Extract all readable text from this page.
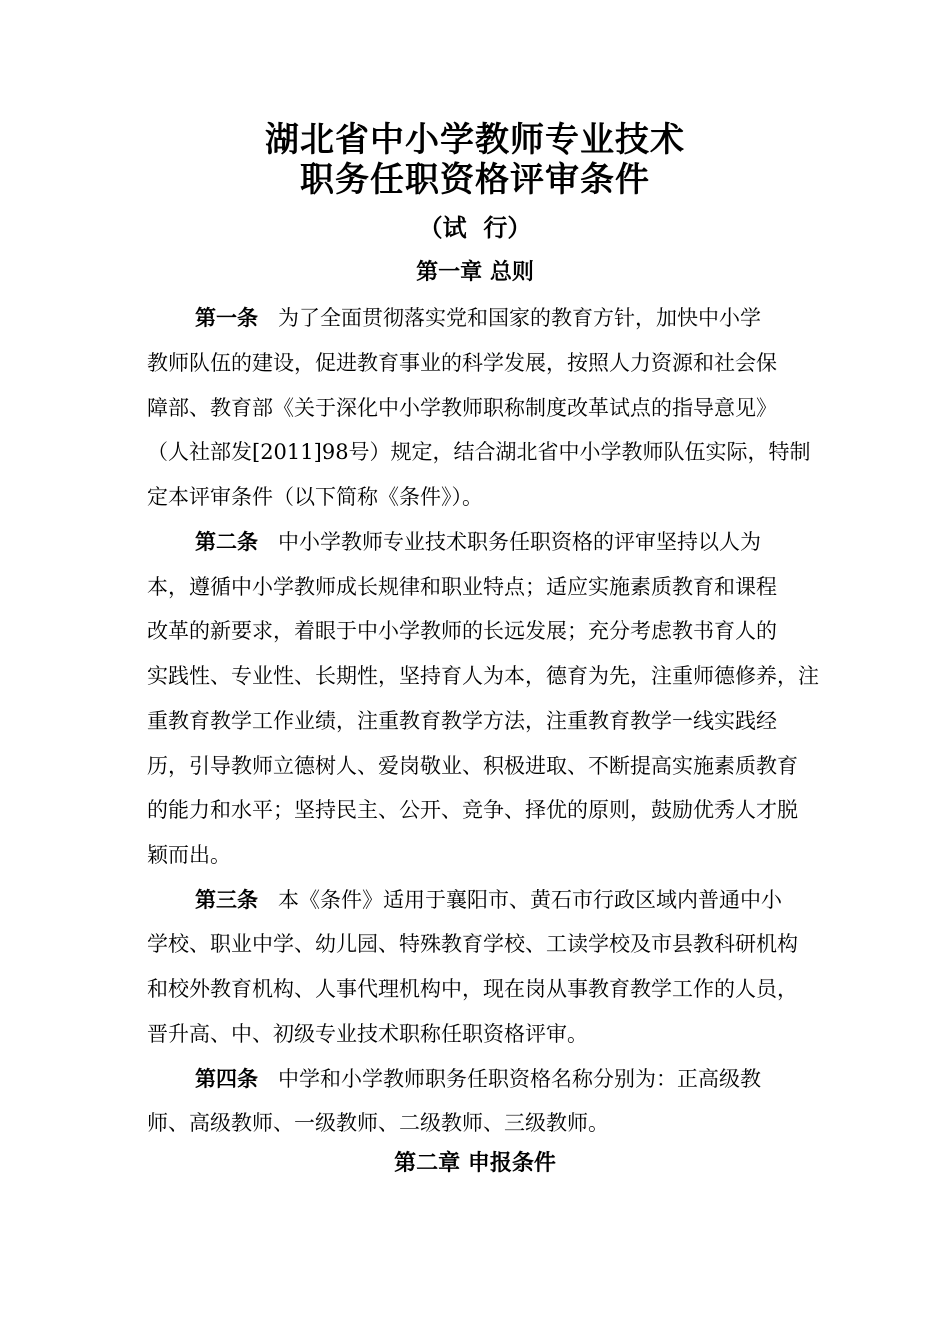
湖北省中小学教师专业技术
职务任职资格评审条件
（试  行）
第一章 总则
第一条 为了全面贯彻落实党和国家的教育方针，加快中小学
教师队伍的建设，促进教育事业的科学发展，按照人力资源和社会保
障部、教育部《关于深化中小学教师职称制度改革试点的指导意见》
（人社部发[2011]98号）规定，结合湖北省中小学教师队伍实际，特制
定本评审条件（以下简称《条件》）。
第二条 中小学教师专业技术职务任职资格的评审坚持以人为
本，遵循中小学教师成长规律和职业特点；适应实施素质教育和课程
改革的新要求，着眼于中小学教师的长远发展；充分考虑教书育人的
实践性、专业性、长期性，坚持育人为本，德育为先，注重师德修养，注
重教育教学工作业绩，注重教育教学方法，注重教育教学一线实践经
历，引导教师立德树人、爱岗敬业、积极进取、不断提高实施素质教育
的能力和水平；坚持民主、公开、竞争、择优的原则，鼓励优秀人才脱
颖而出。
第三条 本《条件》适用于襄阳市、黄石市行政区域内普通中小
学校、职业中学、幼儿园、特殊教育学校、工读学校及市县教科研机构
和校外教育机构、人事代理机构中，现在岗从事教育教学工作的人员，
晋升高、中、初级专业技术职称任职资格评审。
第四条 中学和小学教师职务任职资格名称分别为：正高级教
师、高级教师、一级教师、二级教师、三级教师。
第二章 申报条件
